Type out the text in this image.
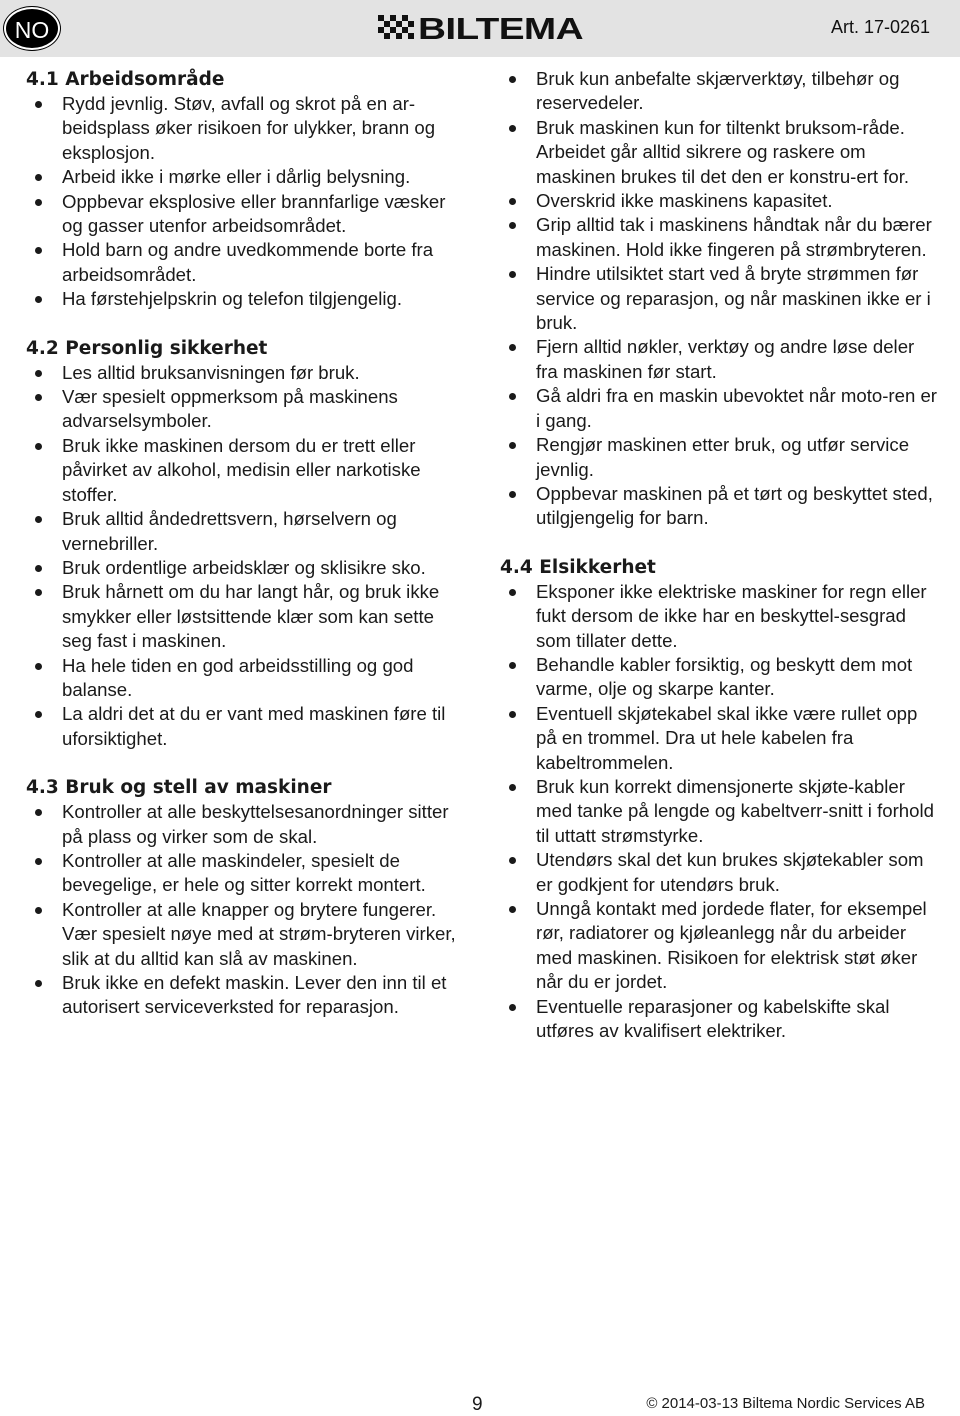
NO	BILTEMA	Art. 17-0261
4.1 Arbeidsområde
Rydd jevnlig. Støv, avfall og skrot på en ar-beidsplass øker risikoen for ulykker, brann og eksplosjon.
Arbeid ikke i mørke eller i dårlig belysning.
Oppbevar eksplosive eller brannfarlige væsker og gasser utenfor arbeidsområdet.
Hold barn og andre uvedkommende borte fra arbeidsområdet.
Ha førstehjelpskrin og telefon tilgjengelig.
4.2 Personlig sikkerhet
Les alltid bruksanvisningen før bruk.
Vær spesielt oppmerksom på maskinens advarselsymboler.
Bruk ikke maskinen dersom du er trett eller påvirket av alkohol, medisin eller narkotiske stoffer.
Bruk alltid åndedrettsvern, hørselvern og vernebriller.
Bruk ordentlige arbeidsklær og sklisikre sko.
Bruk hårnett om du har langt hår, og bruk ikke smykker eller løstsittende klær som kan sette seg fast i maskinen.
Ha hele tiden en god arbeidsstilling og god balanse.
La aldri det at du er vant med maskinen føre til uforsiktighet.
4.3 Bruk og stell av maskiner
Kontroller at alle beskyttelsesanordninger sitter på plass og virker som de skal.
Kontroller at alle maskindeler, spesielt de bevegelige, er hele og sitter korrekt montert.
Kontroller at alle knapper og brytere fungerer. Vær spesielt nøye med at strøm-bryteren virker, slik at du alltid kan slå av maskinen.
Bruk ikke en defekt maskin. Lever den inn til et autorisert serviceverksted for reparasjon.
Bruk kun anbefalte skjærverktøy, tilbehør og reservedeler.
Bruk maskinen kun for tiltenkt bruksom-råde. Arbeidet går alltid sikrere og raskere om maskinen brukes til det den er konstru-ert for.
Overskrid ikke maskinens kapasitet.
Grip alltid tak i maskinens håndtak når du bærer maskinen. Hold ikke fingeren på strømbryteren.
Hindre utilsiktet start ved å bryte strømmen før service og reparasjon, og når maskinen ikke er i bruk.
Fjern alltid nøkler, verktøy og andre løse deler fra maskinen før start.
Gå aldri fra en maskin ubevoktet når moto-ren er i gang.
Rengjør maskinen etter bruk, og utfør service jevnlig.
Oppbevar maskinen på et tørt og beskyttet sted, utilgjengelig for barn.
4.4 Elsikkerhet
Eksponer ikke elektriske maskiner for regn eller fukt dersom de ikke har en beskyttel-sesgrad som tillater dette.
Behandle kabler forsiktig, og beskytt dem mot varme, olje og skarpe kanter.
Eventuell skjøtekabel skal ikke være rullet opp på en trommel. Dra ut hele kabelen fra kabeltrommelen.
Bruk kun korrekt dimensjonerte skjøte-kabler med tanke på lengde og kabeltverr-snitt i forhold til uttatt strømstyrke.
Utendørs skal det kun brukes skjøtekabler som er godkjent for utendørs bruk.
Unngå kontakt med jordede flater, for eksempel rør, radiatorer og kjøleanlegg når du arbeider med maskinen. Risikoen for elektrisk støt øker når du er jordet.
Eventuelle reparasjoner og kabelskifte skal utføres av kvalifisert elektriker.
9	© 2014-03-13 Biltema Nordic Services AB
